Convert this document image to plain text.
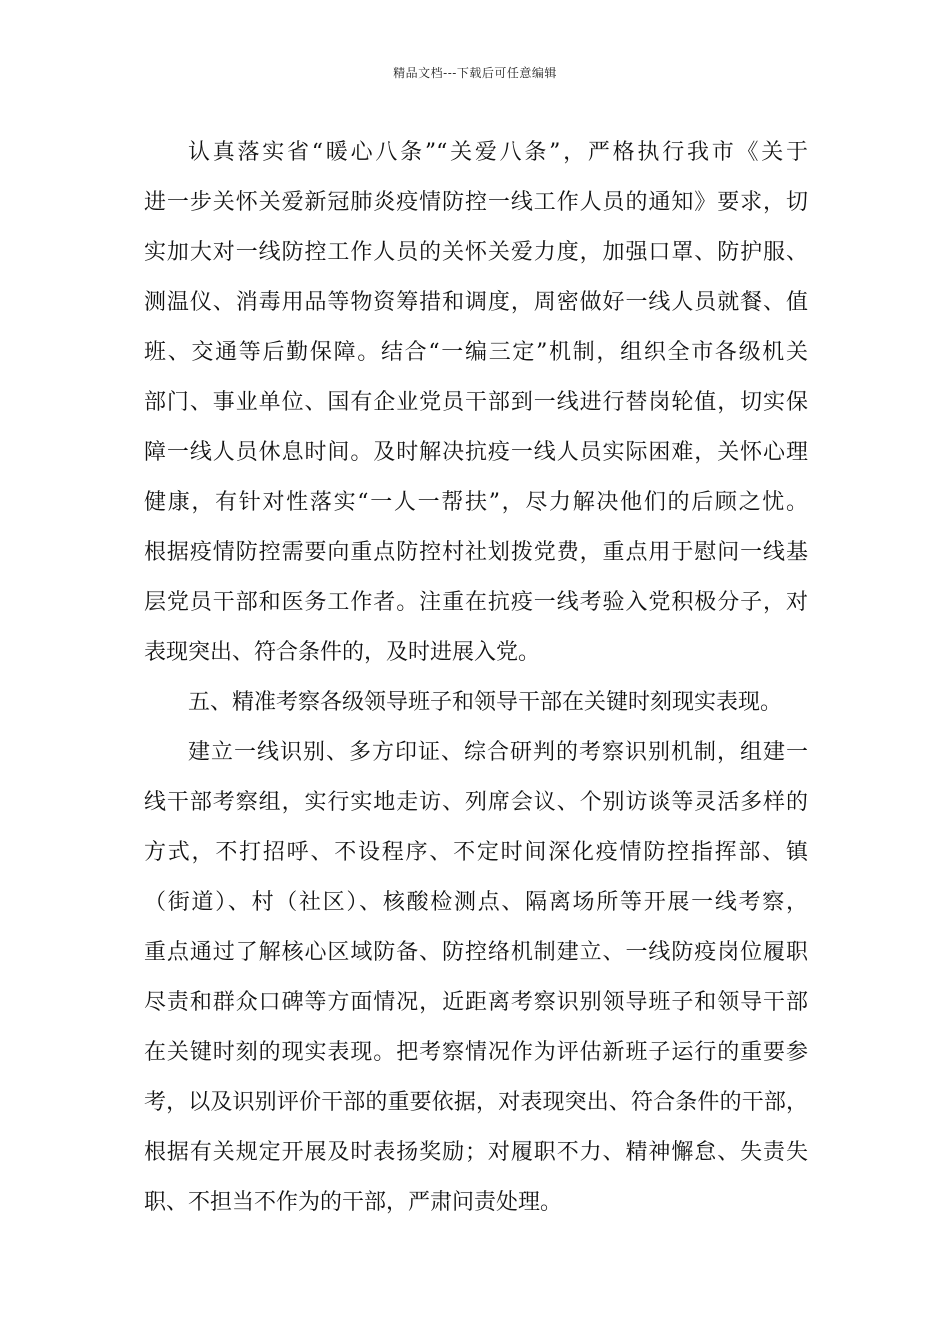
精品文档---下载后可任意编辑
认真落实省“暖心八条”“关爱八条”，严格执行我市《关于
进一步关怀关爱新冠肺炎疫情防控一线工作人员的通知》要求，切
实加大对一线防控工作人员的关怀关爱力度，加强口罩、防护服、
测温仪、消毒用品等物资筹措和调度，周密做好一线人员就餐、值
班、交通等后勤保障。结合“一编三定”机制，组织全市各级机关
部门、事业单位、国有企业党员干部到一线进行替岗轮值，切实保
障一线人员休息时间。及时解决抗疫一线人员实际困难，关怀心理
健康，有针对性落实“一人一帮扶”，尽力解决他们的后顾之忧。
根据疫情防控需要向重点防控村社划拨党费，重点用于慰问一线基
层党员干部和医务工作者。注重在抗疫一线考验入党积极分子，对
表现突出、符合条件的，及时进展入党。
五、精准考察各级领导班子和领导干部在关键时刻现实表现。
建立一线识别、多方印证、综合研判的考察识别机制，组建一
线干部考察组，实行实地走访、列席会议、个别访谈等灵活多样的
方式，不打招呼、不设程序、不定时间深化疫情防控指挥部、镇
（街道）、村（社区）、核酸检测点、隔离场所等开展一线考察，
重点通过了解核心区域防备、防控络机制建立、一线防疫岗位履职
尽责和群众口碑等方面情况，近距离考察识别领导班子和领导干部
在关键时刻的现实表现。把考察情况作为评估新班子运行的重要参
考，以及识别评价干部的重要依据，对表现突出、符合条件的干部，
根据有关规定开展及时表扬奖励；对履职不力、精神懈怠、失责失
职、不担当不作为的干部，严肃问责处理。
